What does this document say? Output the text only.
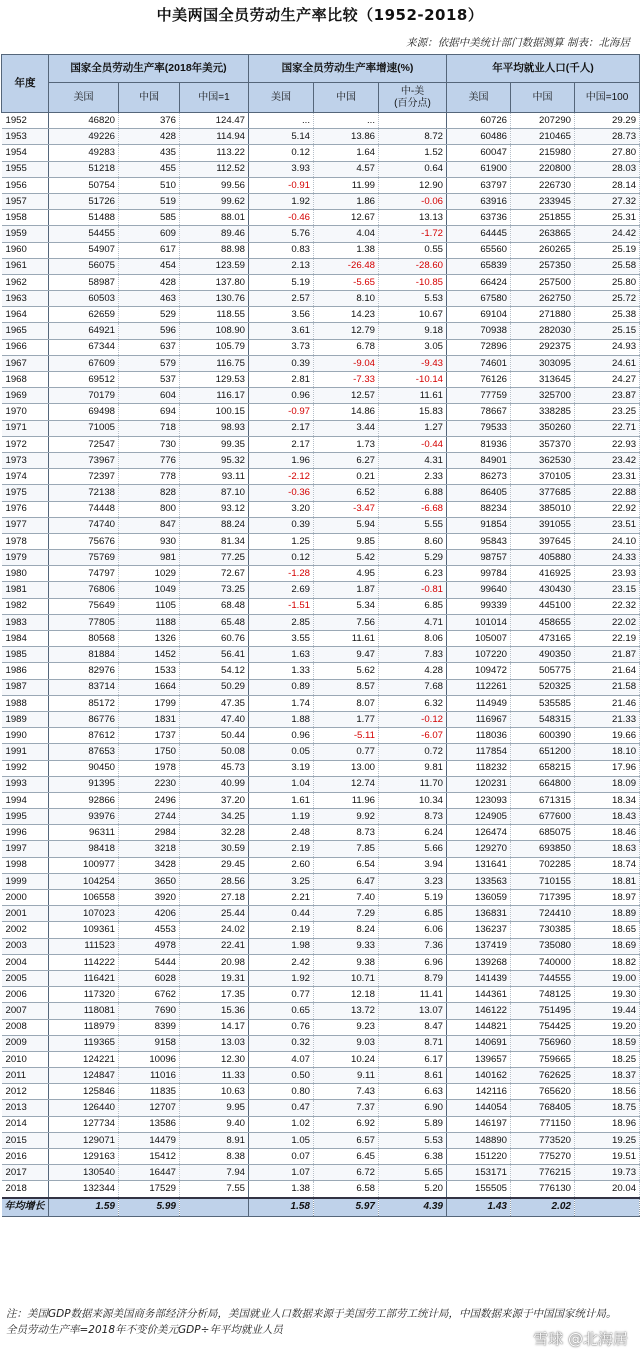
中美两国全员劳动生产率比较（1952-2018）
来源：依据中美统计部门数据测算 制表：北海居
年度	国家全员劳动生产率(2018年美元)			国家全员劳动生产率增速(%)			年平均就业人口(千人)		
	美国	中国	中国=1	美国	中国	中-美
(百分点)	美国	中国	中国=100
1952	46820	376	124.47	...	...		60726	207290	29.29
1953	49226	428	114.94	5.14	13.86	8.72	60486	210465	28.73
1954	49283	435	113.22	0.12	1.64	1.52	60047	215980	27.80
1955	51218	455	112.52	3.93	4.57	0.64	61900	220800	28.03
1956	50754	510	99.56	-0.91	11.99	12.90	63797	226730	28.14
1957	51726	519	99.62	1.92	1.86	-0.06	63916	233945	27.32
1958	51488	585	88.01	-0.46	12.67	13.13	63736	251855	25.31
1959	54455	609	89.46	5.76	4.04	-1.72	64445	263865	24.42
1960	54907	617	88.98	0.83	1.38	0.55	65560	260265	25.19
1961	56075	454	123.59	2.13	-26.48	-28.60	65839	257350	25.58
1962	58987	428	137.80	5.19	-5.65	-10.85	66424	257500	25.80
1963	60503	463	130.76	2.57	8.10	5.53	67580	262750	25.72
1964	62659	529	118.55	3.56	14.23	10.67	69104	271880	25.38
1965	64921	596	108.90	3.61	12.79	9.18	70938	282030	25.15
1966	67344	637	105.79	3.73	6.78	3.05	72896	292375	24.93
1967	67609	579	116.75	0.39	-9.04	-9.43	74601	303095	24.61
1968	69512	537	129.53	2.81	-7.33	-10.14	76126	313645	24.27
1969	70179	604	116.17	0.96	12.57	11.61	77759	325700	23.87
1970	69498	694	100.15	-0.97	14.86	15.83	78667	338285	23.25
1971	71005	718	98.93	2.17	3.44	1.27	79533	350260	22.71
1972	72547	730	99.35	2.17	1.73	-0.44	81936	357370	22.93
1973	73967	776	95.32	1.96	6.27	4.31	84901	362530	23.42
1974	72397	778	93.11	-2.12	0.21	2.33	86273	370105	23.31
1975	72138	828	87.10	-0.36	6.52	6.88	86405	377685	22.88
1976	74448	800	93.12	3.20	-3.47	-6.68	88234	385010	22.92
1977	74740	847	88.24	0.39	5.94	5.55	91854	391055	23.51
1978	75676	930	81.34	1.25	9.85	8.60	95843	397645	24.10
1979	75769	981	77.25	0.12	5.42	5.29	98757	405880	24.33
1980	74797	1029	72.67	-1.28	4.95	6.23	99784	416925	23.93
1981	76806	1049	73.25	2.69	1.87	-0.81	99640	430430	23.15
1982	75649	1105	68.48	-1.51	5.34	6.85	99339	445100	22.32
1983	77805	1188	65.48	2.85	7.56	4.71	101014	458655	22.02
1984	80568	1326	60.76	3.55	11.61	8.06	105007	473165	22.19
1985	81884	1452	56.41	1.63	9.47	7.83	107220	490350	21.87
1986	82976	1533	54.12	1.33	5.62	4.28	109472	505775	21.64
1987	83714	1664	50.29	0.89	8.57	7.68	112261	520325	21.58
1988	85172	1799	47.35	1.74	8.07	6.32	114949	535585	21.46
1989	86776	1831	47.40	1.88	1.77	-0.12	116967	548315	21.33
1990	87612	1737	50.44	0.96	-5.11	-6.07	118036	600390	19.66
1991	87653	1750	50.08	0.05	0.77	0.72	117854	651200	18.10
1992	90450	1978	45.73	3.19	13.00	9.81	118232	658215	17.96
1993	91395	2230	40.99	1.04	12.74	11.70	120231	664800	18.09
1994	92866	2496	37.20	1.61	11.96	10.34	123093	671315	18.34
1995	93976	2744	34.25	1.19	9.92	8.73	124905	677600	18.43
1996	96311	2984	32.28	2.48	8.73	6.24	126474	685075	18.46
1997	98418	3218	30.59	2.19	7.85	5.66	129270	693850	18.63
1998	100977	3428	29.45	2.60	6.54	3.94	131641	702285	18.74
1999	104254	3650	28.56	3.25	6.47	3.23	133563	710155	18.81
2000	106558	3920	27.18	2.21	7.40	5.19	136059	717395	18.97
2001	107023	4206	25.44	0.44	7.29	6.85	136831	724410	18.89
2002	109361	4553	24.02	2.19	8.24	6.06	136237	730385	18.65
2003	111523	4978	22.41	1.98	9.33	7.36	137419	735080	18.69
2004	114222	5444	20.98	2.42	9.38	6.96	139268	740000	18.82
2005	116421	6028	19.31	1.92	10.71	8.79	141439	744555	19.00
2006	117320	6762	17.35	0.77	12.18	11.41	144361	748125	19.30
2007	118081	7690	15.36	0.65	13.72	13.07	146122	751495	19.44
2008	118979	8399	14.17	0.76	9.23	8.47	144821	754425	19.20
2009	119365	9158	13.03	0.32	9.03	8.71	140691	756960	18.59
2010	124221	10096	12.30	4.07	10.24	6.17	139657	759665	18.25
2011	124847	11016	11.33	0.50	9.11	8.61	140162	762625	18.37
2012	125846	11835	10.63	0.80	7.43	6.63	142116	765620	18.56
2013	126440	12707	9.95	0.47	7.37	6.90	144054	768405	18.75
2014	127734	13586	9.40	1.02	6.92	5.89	146197	771150	18.96
2015	129071	14479	8.91	1.05	6.57	5.53	148890	773520	19.25
2016	129163	15412	8.38	0.07	6.45	6.38	151220	775270	19.51
2017	130540	16447	7.94	1.07	6.72	5.65	153171	776215	19.73
2018	132344	17529	7.55	1.38	6.58	5.20	155505	776130	20.04
年均增长	1.59	5.99		1.58	5.97	4.39	1.43	2.02	
注：美国GDP数据来源美国商务部经济分析局，美国就业人口数据来源于美国劳工部劳工统计局，中国数据来源于中国国家统计局。
全员劳动生产率=2018年不变价美元GDP÷年平均就业人员	雪球 @北海居
